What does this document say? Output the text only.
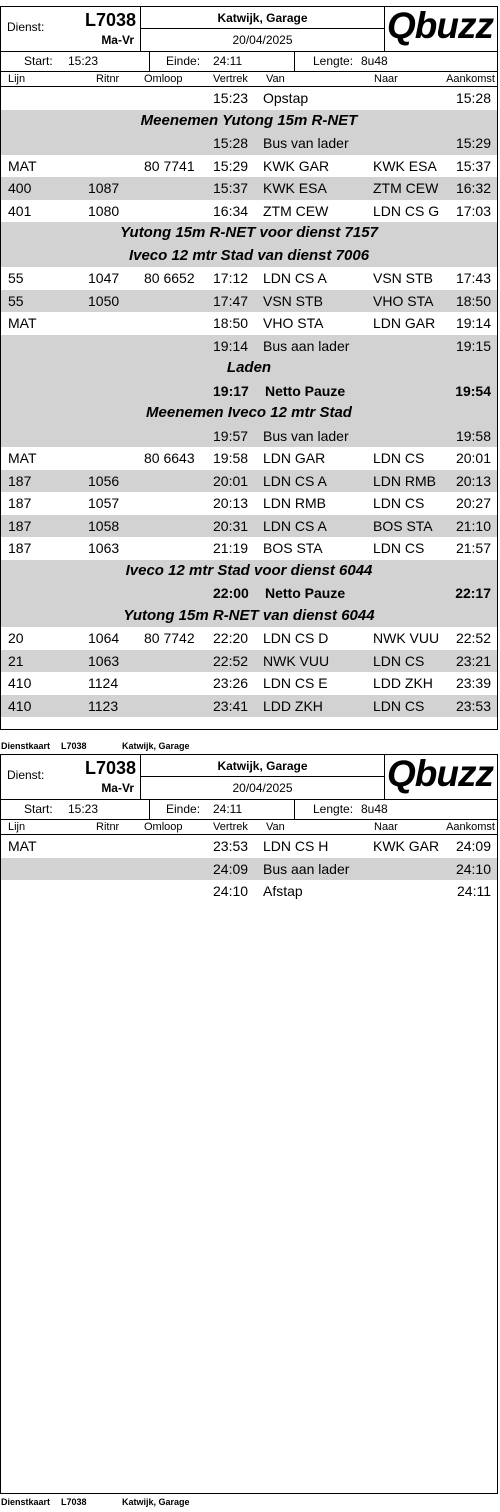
Dienst: L7038
Ma-Vr
Katwijk, Garage
20/04/2025	Qbuzz
Start: 15:23	Einde: 24:11	Lengte: 8u48
Lijn	Ritnr Omloop	Vertrek Van	Naar	Aankomst
15:23 Opstap	15:28
Meenemen Yutong 15m R-NET
15:28 Bus van lader	15:29
MAT	80 7741 15:29 KWK GAR	KWK ESA 15:37
400	1087	15:37 KWK ESA	ZTM CEW 16:32
401	1080	16:34 ZTM CEW	LDN CS G 17:03
Yutong 15m R-NET voor dienst 7157
Iveco 12 mtr Stad van dienst 7006
55	1047 80 6652 17:12 LDN CS A	VSN STB 17:43
55	1050	17:47 VSN STB	VHO STA 18:50
MAT	18:50 VHO STA	LDN GAR 19:14
19:14 Bus aan lader	19:15
Laden
19:17 Netto Pauze	19:54
Meenemen Iveco 12 mtr Stad
19:57 Bus van lader	19:58
MAT	80 6643 19:58 LDN GAR	LDN CS 20:01
187	1056	20:01 LDN CS A	LDN RMB 20:13
187	1057	20:13 LDN RMB	LDN CS 20:27
187	1058	20:31 LDN CS A	BOS STA 21:10
187	1063	21:19 BOS STA	LDN CS 21:57
Iveco 12 mtr Stad voor dienst 6044
22:00 Netto Pauze	22:17
Yutong 15m R-NET van dienst 6044
20	1064 80 7742 22:20 LDN CS D	NWK VUU 22:52
21	1063	22:52 NWK VUU	LDN CS 23:21
410	1124	23:26 LDN CS E	LDD ZKH 23:39
410	1123	23:41 LDD ZKH	LDN CS 23:53
Dienstkaart L7038	Katwijk, Garage
Dienst: L7038
Ma-Vr
Katwijk, Garage
20/04/2025	Qbuzz
Start: 15:23	Einde: 24:11	Lengte: 8u48
Lijn	Ritnr Omloop	Vertrek Van	Naar	Aankomst
MAT	23:53 LDN CS H	KWK GAR 24:09
24:09 Bus aan lader	24:10
24:10 Afstap	24:11
Dienstkaart L7038	Katwijk, Garage
